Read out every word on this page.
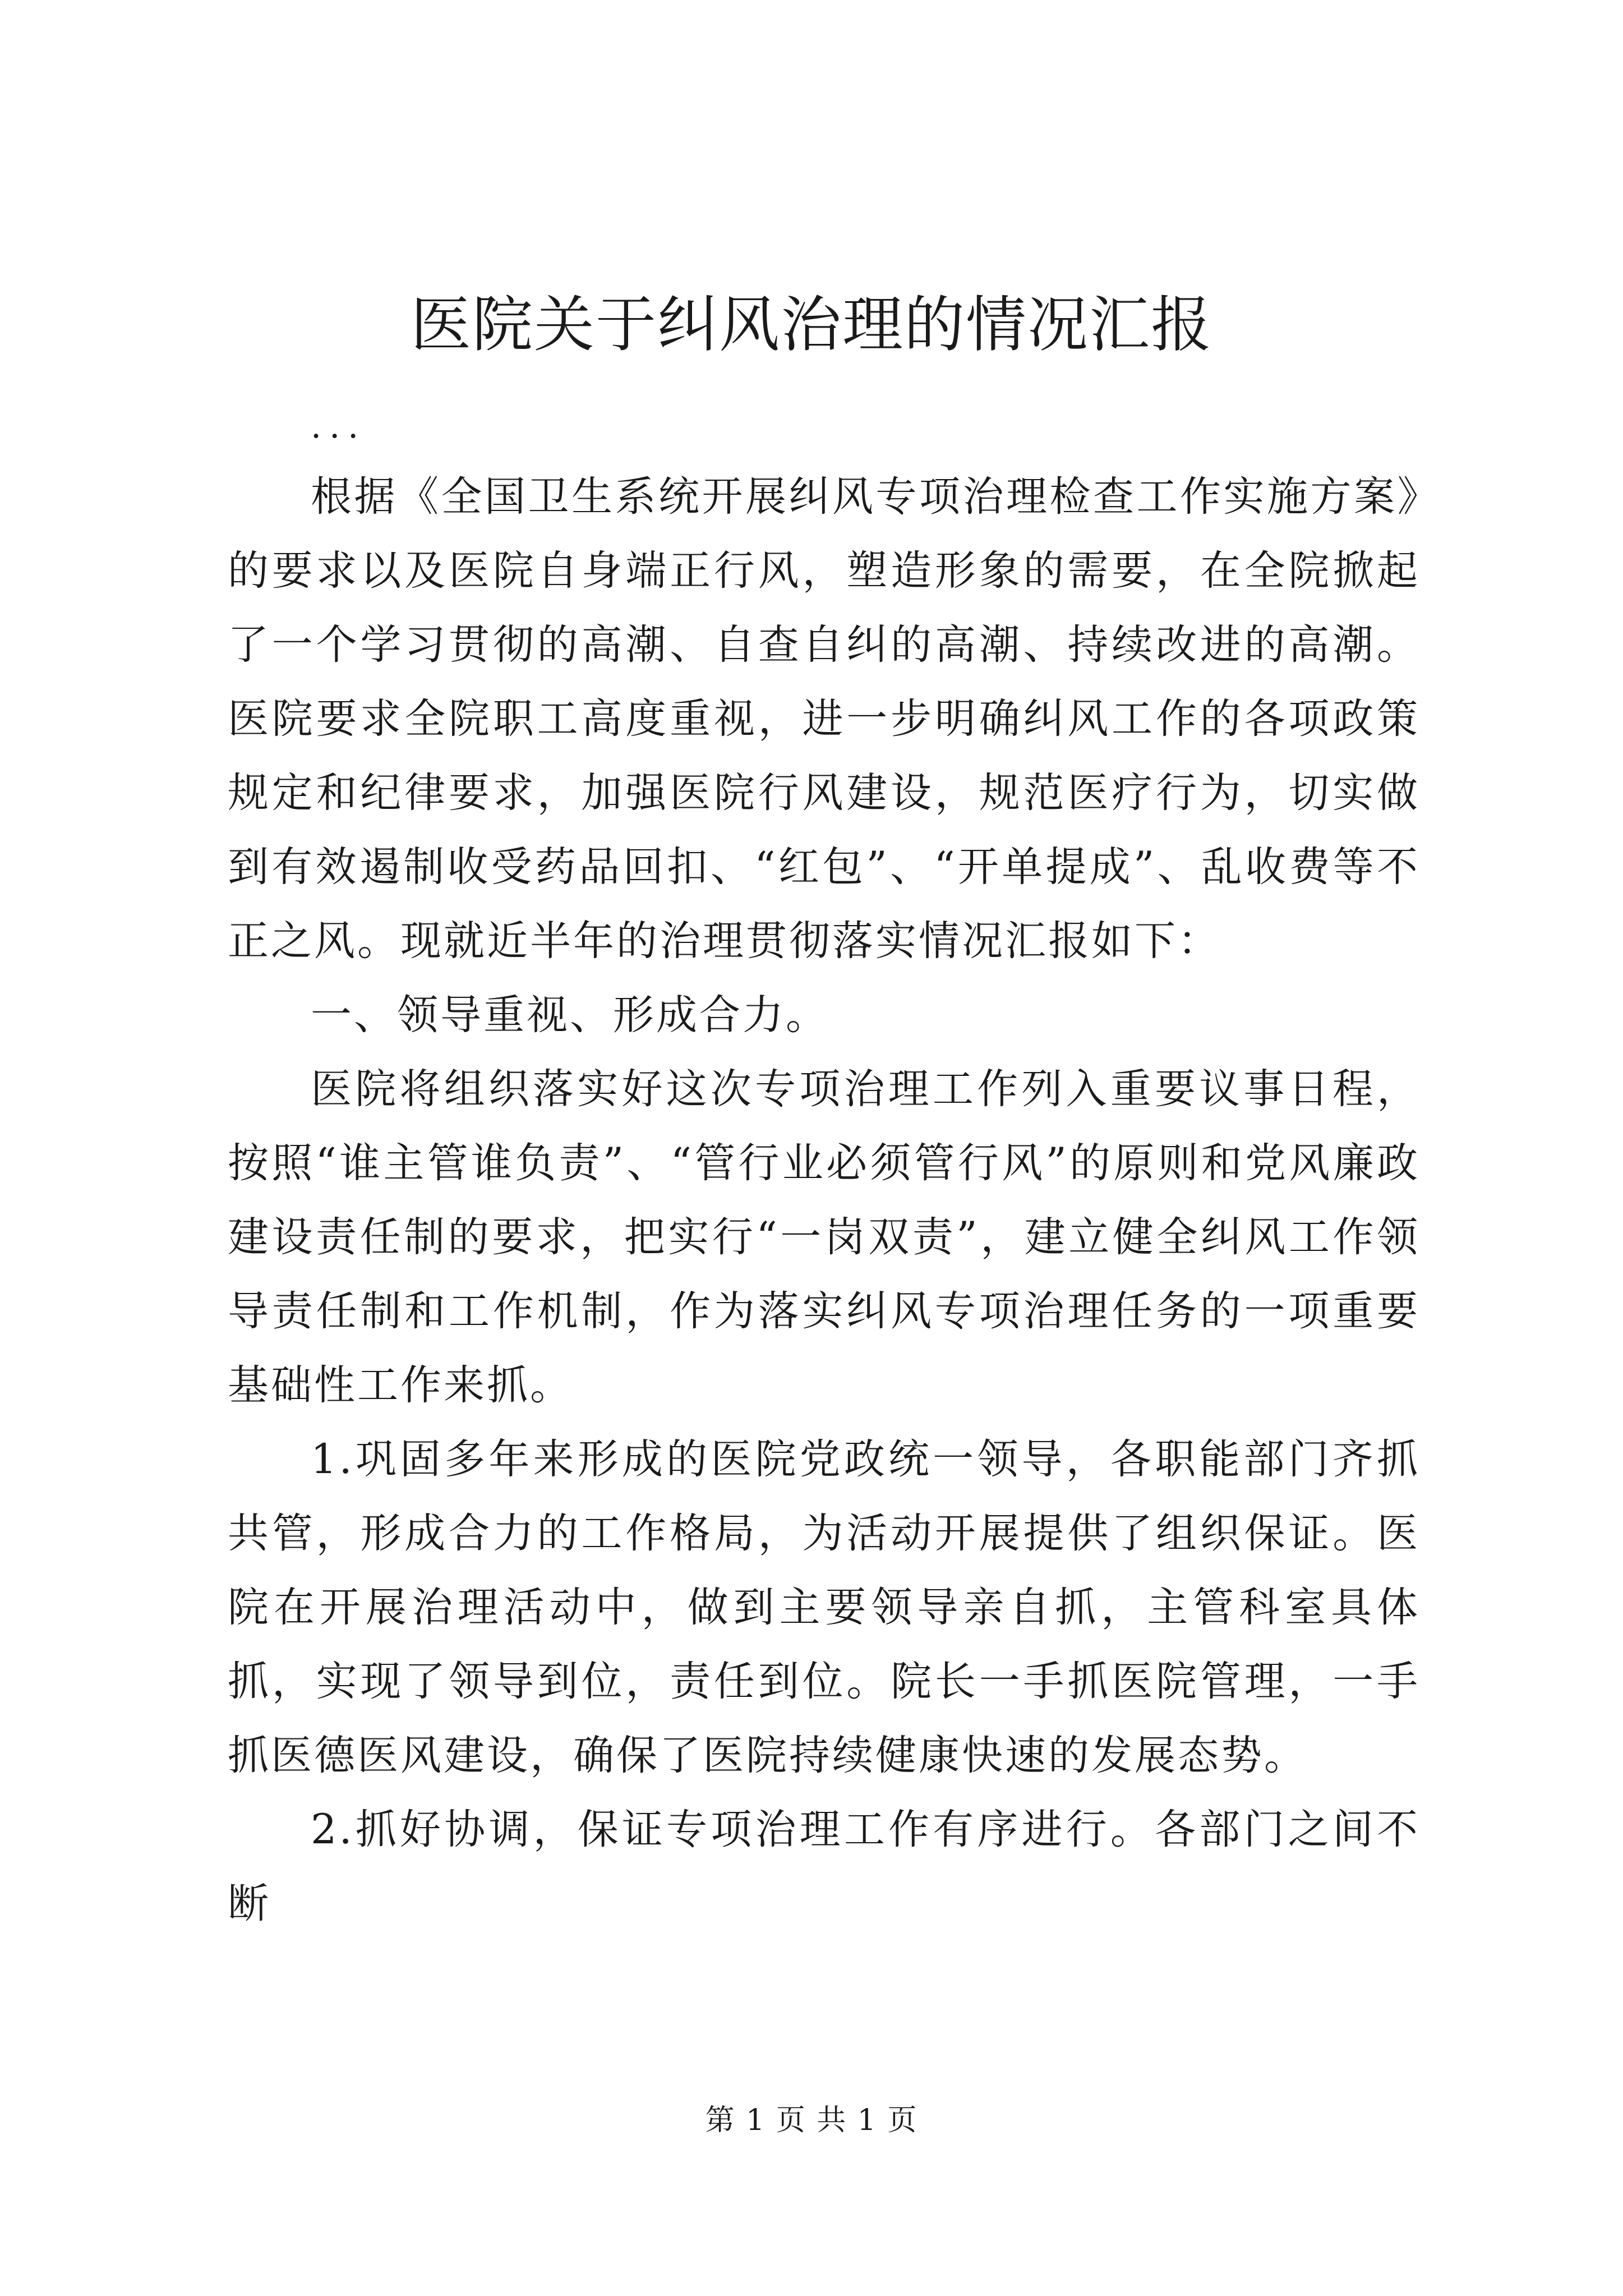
医院关于纠风治理的情况汇报

...

根据《全国卫生系统开展纠风专项治理检查工作实施方案》的要求以及医院自身端正行风，塑造形象的需要，在全院掀起了一个学习贯彻的高潮、自查自纠的高潮、持续改进的高潮。医院要求全院职工高度重视，进一步明确纠风工作的各项政策规定和纪律要求，加强医院行风建设，规范医疗行为，切实做到有效遏制收受药品回扣、“红包”、“开单提成”、乱收费等不正之风。现就近半年的治理贯彻落实情况汇报如下：

一、领导重视、形成合力。

医院将组织落实好这次专项治理工作列入重要议事日程，按照“谁主管谁负责”、“管行业必须管行风”的原则和党风廉政建设责任制的要求，把实行“一岗双责”，建立健全纠风工作领导责任制和工作机制，作为落实纠风专项治理任务的一项重要基础性工作来抓。

1.巩固多年来形成的医院党政统一领导，各职能部门齐抓共管，形成合力的工作格局，为活动开展提供了组织保证。医院在开展治理活动中，做到主要领导亲自抓，主管科室具体抓，实现了领导到位，责任到位。院长一手抓医院管理，一手抓医德医风建设，确保了医院持续健康快速的发展态势。

2.抓好协调，保证专项治理工作有序进行。各部门之间不断

第 1 页 共 1 页
